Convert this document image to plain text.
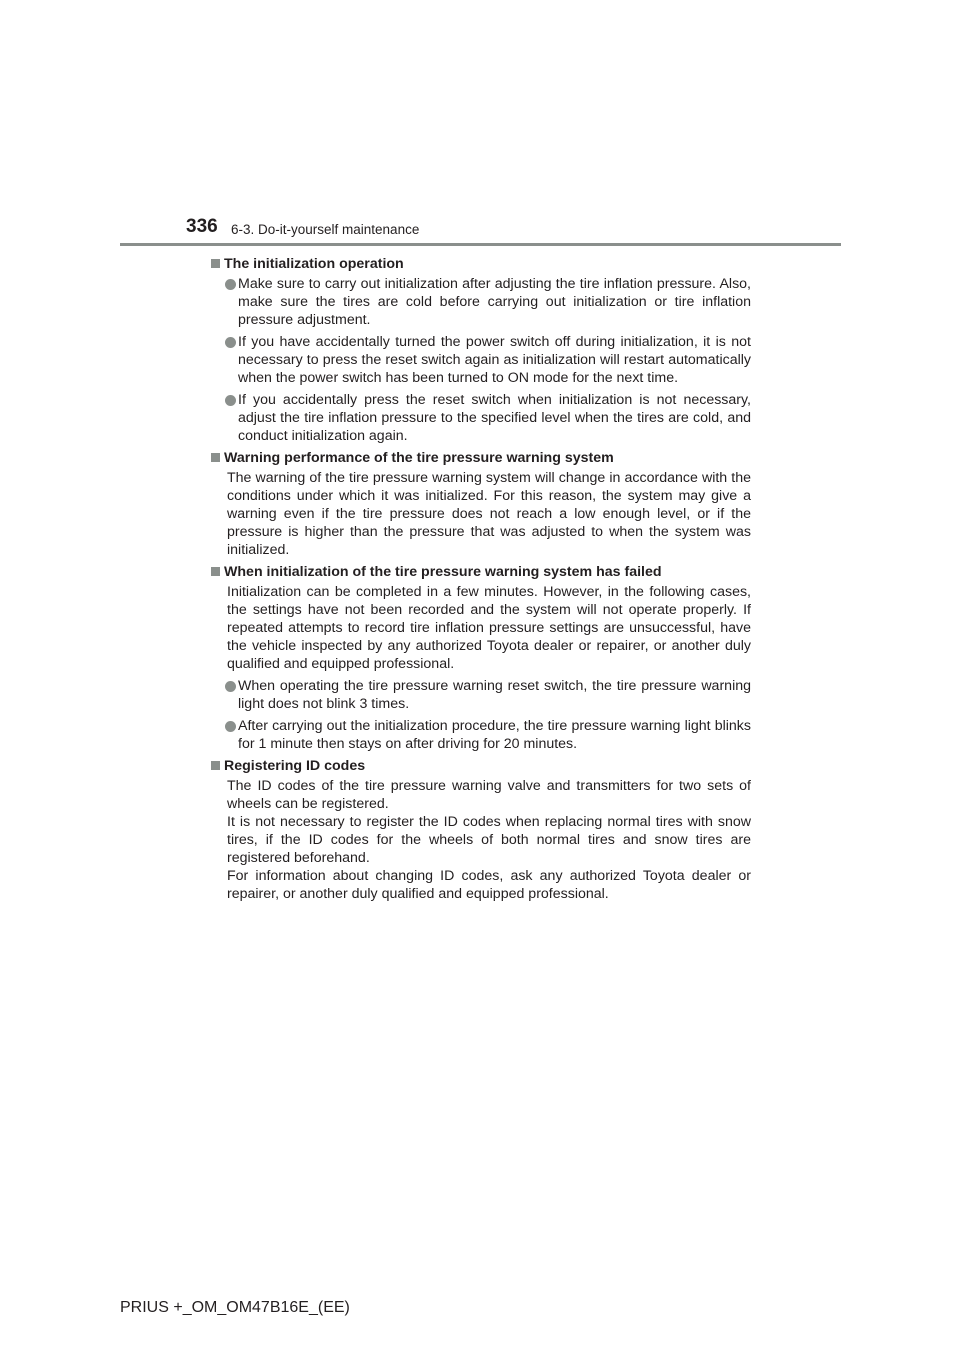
336 6-3. Do-it-yourself maintenance
The initialization operation
Make sure to carry out initialization after adjusting the tire inflation pressure. Also, make sure the tires are cold before carrying out initialization or tire inflation pressure adjustment.
If you have accidentally turned the power switch off during initialization, it is not necessary to press the reset switch again as initialization will restart automatically when the power switch has been turned to ON mode for the next time.
If you accidentally press the reset switch when initialization is not necessary, adjust the tire inflation pressure to the specified level when the tires are cold, and conduct initialization again.
Warning performance of the tire pressure warning system

The warning of the tire pressure warning system will change in accordance with the conditions under which it was initialized. For this reason, the system may give a warning even if the tire pressure does not reach a low enough level, or if the pressure is higher than the pressure that was adjusted to when the system was initialized.

When initialization of the tire pressure warning system has failed

Initialization can be completed in a few minutes. However, in the following cases, the settings have not been recorded and the system will not operate properly. If repeated attempts to record tire inflation pressure settings are unsuccessful, have the vehicle inspected by any authorized Toyota dealer or repairer, or another duly qualified and equipped professional.

When operating the tire pressure warning reset switch, the tire pressure warning light does not blink 3 times.
After carrying out the initialization procedure, the tire pressure warning light blinks for 1 minute then stays on after driving for 20 minutes.
Registering ID codes

The ID codes of the tire pressure warning valve and transmitters for two sets of wheels can be registered.

It is not necessary to register the ID codes when replacing normal tires with snow tires, if the ID codes for the wheels of both normal tires and snow tires are registered beforehand.

For information about changing ID codes, ask any authorized Toyota dealer or repairer, or another duly qualified and equipped professional.

PRIUS +_OM_OM47B16E_(EE)
